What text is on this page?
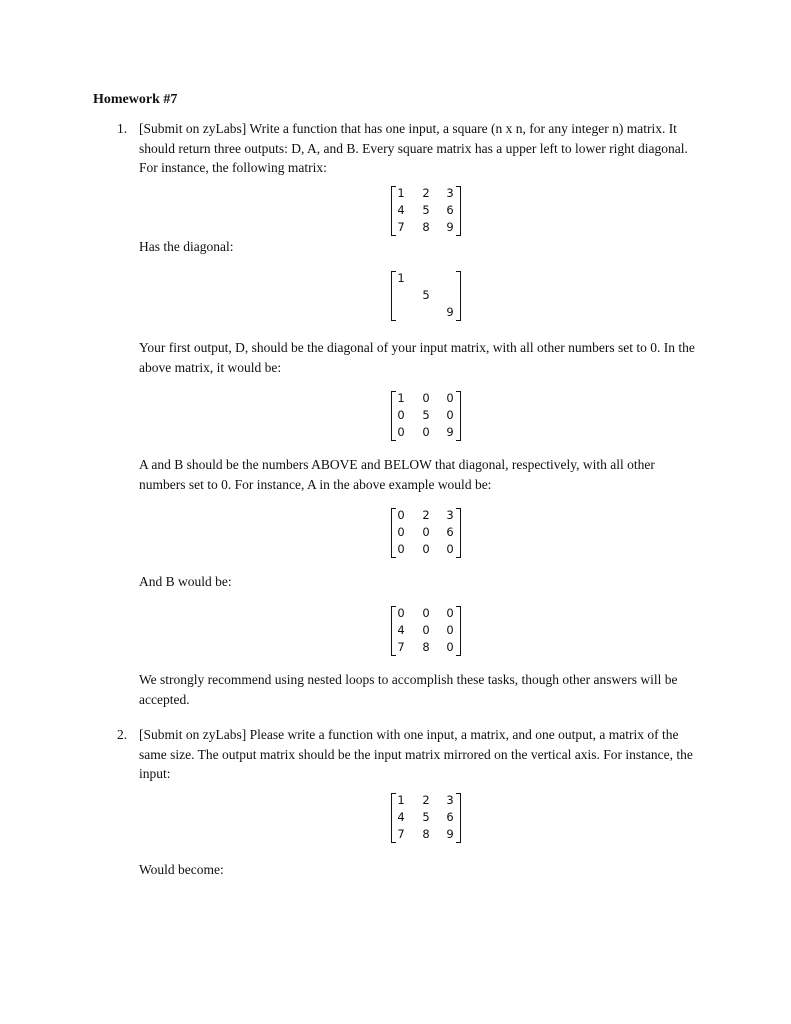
Homework #7
1. [Submit on zyLabs] Write a function that has one input, a square (n x n, for any integer n) matrix. It should return three outputs: D, A, and B. Every square matrix has a upper left to lower right diagonal. For instance, the following matrix:

1 2 3
4 5 6
7 8 9

Has the diagonal:

1
5
9

Your first output, D, should be the diagonal of your input matrix, with all other numbers set to 0. In the above matrix, it would be:

1 0 0
0 5 0
0 0 9

A and B should be the numbers ABOVE and BELOW that diagonal, respectively, with all other numbers set to 0. For instance, A in the above example would be:

0 2 3
0 0 6
0 0 0

And B would be:

0 0 0
4 0 0
7 8 0

We strongly recommend using nested loops to accomplish these tasks, though other answers will be accepted.

2. [Submit on zyLabs] Please write a function with one input, a matrix, and one output, a matrix of the same size. The output matrix should be the input matrix mirrored on the vertical axis. For instance, the input:

1 2 3
4 5 6
7 8 9

Would become:
